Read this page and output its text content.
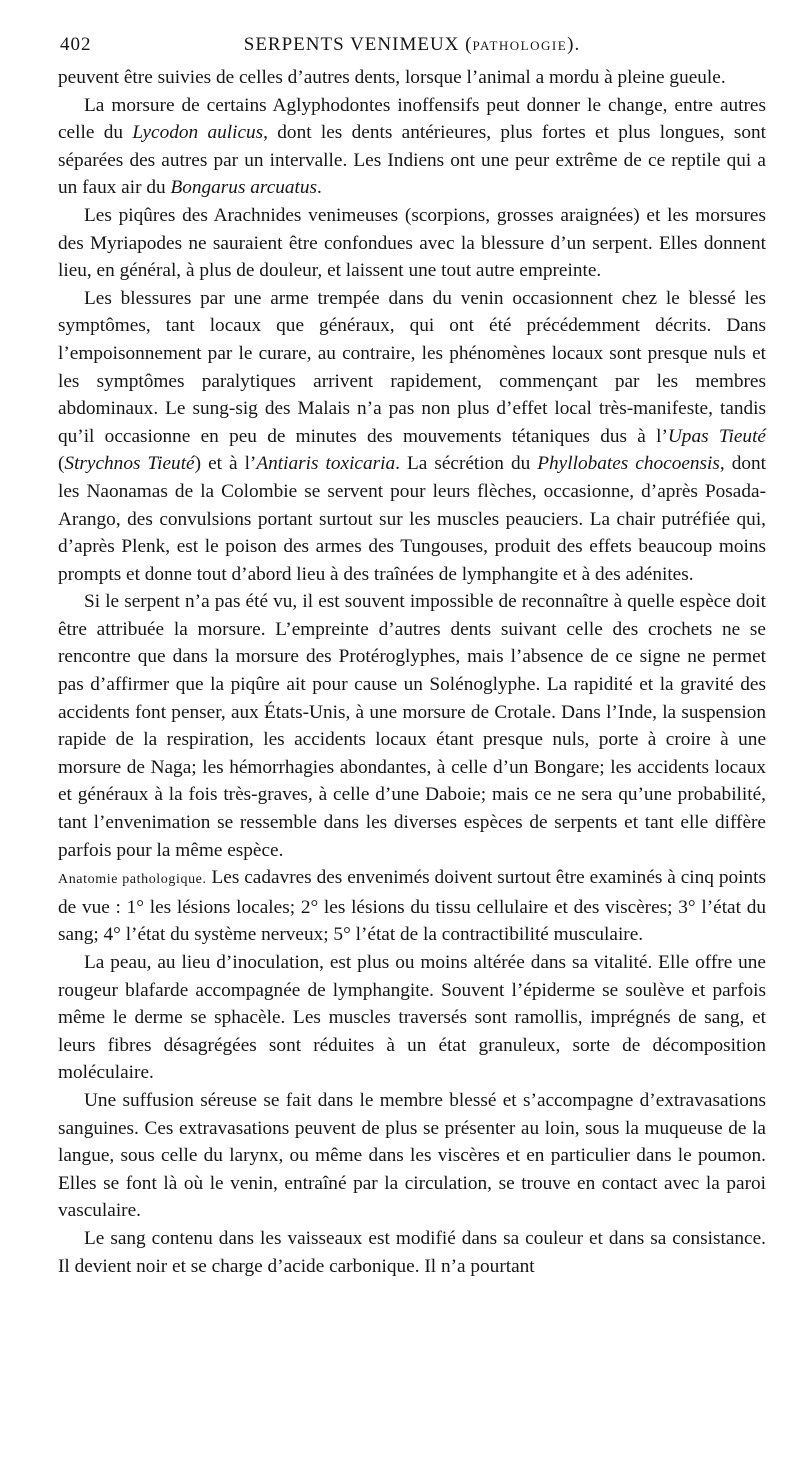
402	SERPENTS VENIMEUX (PATHOLOGIE).

peuvent être suivies de celles d’autres dents, lorsque l’animal a mordu à pleine gueule.

La morsure de certains Aglyphodontes inoffensifs peut donner le change, entre autres celle du Lycodon aulicus, dont les dents antérieures, plus fortes et plus longues, sont séparées des autres par un intervalle. Les Indiens ont une peur extrême de ce reptile qui a un faux air du Bongarus arcuatus.

Les piqûres des Arachnides venimeuses (scorpions, grosses araignées) et les morsures des Myriapodes ne sauraient être confondues avec la blessure d’un serpent. Elles donnent lieu, en général, à plus de douleur, et laissent une tout autre empreinte.

Les blessures par une arme trempée dans du venin occasionnent chez le blessé les symptômes, tant locaux que généraux, qui ont été précédemment décrits. Dans l’empoisonnement par le curare, au contraire, les phénomènes locaux sont presque nuls et les symptômes paralytiques arrivent rapidement, commençant par les membres abdominaux. Le sung-sig des Malais n’a pas non plus d’effet local très-manifeste, tandis qu’il occasionne en peu de minutes des mouvements tétaniques dus à l’Upas Tieuté (Strychnos Tieuté) et à l’Antiaris toxicaria. La sécrétion du Phyllobates chocoensis, dont les Naonamas de la Colombie se servent pour leurs flèches, occasionne, d’après Posada-Arango, des convulsions portant surtout sur les muscles peauciers. La chair putréfiée qui, d’après Plenk, est le poison des armes des Tungouses, produit des effets beaucoup moins prompts et donne tout d’abord lieu à des traînées de lymphangite et à des adénites.

Si le serpent n’a pas été vu, il est souvent impossible de reconnaître à quelle espèce doit être attribuée la morsure. L’empreinte d’autres dents suivant celle des crochets ne se rencontre que dans la morsure des Protéroglyphes, mais l’absence de ce signe ne permet pas d’affirmer que la piqûre ait pour cause un Solénoglyphe. La rapidité et la gravité des accidents font penser, aux États-Unis, à une morsure de Crotale. Dans l’Inde, la suspension rapide de la respiration, les accidents locaux étant presque nuls, porte à croire à une morsure de Naga; les hémorrhagies abondantes, à celle d’un Bongare; les accidents locaux et généraux à la fois très-graves, à celle d’une Daboie; mais ce ne sera qu’une probabilité, tant l’envenimation se ressemble dans les diverses espèces de serpents et tant elle diffère parfois pour la même espèce.

Anatomie pathologique. Les cadavres des envenimés doivent surtout être examinés à cinq points de vue : 1° les lésions locales; 2° les lésions du tissu cellulaire et des viscères; 3° l’état du sang; 4° l’état du système nerveux; 5° l’état de la contractibilité musculaire.

La peau, au lieu d’inoculation, est plus ou moins altérée dans sa vitalité. Elle offre une rougeur blafarde accompagnée de lymphangite. Souvent l’épiderme se soulève et parfois même le derme se sphacèle. Les muscles traversés sont ramollis, imprégnés de sang, et leurs fibres désagrégées sont réduites à un état granuleux, sorte de décomposition moléculaire.

Une suffusion séreuse se fait dans le membre blessé et s’accompagne d’extravasations sanguines. Ces extravasations peuvent de plus se présenter au loin, sous la muqueuse de la langue, sous celle du larynx, ou même dans les viscères et en particulier dans le poumon. Elles se font là où le venin, entraîné par la circulation, se trouve en contact avec la paroi vasculaire.

Le sang contenu dans les vaisseaux est modifié dans sa couleur et dans sa consistance. Il devient noir et se charge d’acide carbonique. Il n’a pourtant
